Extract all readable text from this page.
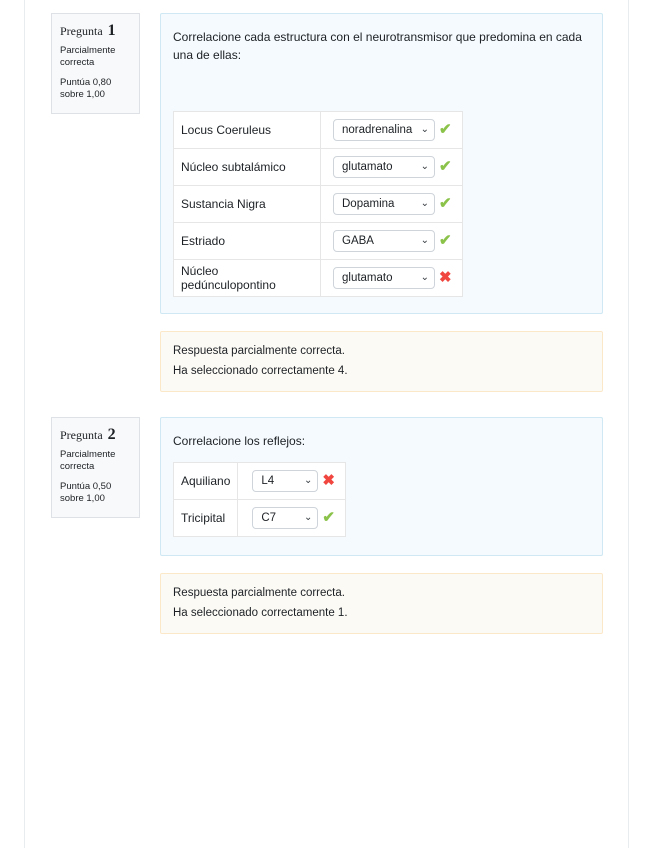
Pregunta 1
Parcialmente correcta
Puntúa 0,80 sobre 1,00
Correlacione cada estructura con el neurotransmisor que predomina en cada una de ellas:
Locus Coeruleus	noradrenalina ⌄ ✔
Núcleo subtalámico	glutamato ⌄ ✔
Sustancia Nigra	Dopamina ⌄ ✔
Estriado	GABA ⌄ ✔
Núcleo pedúnculopontino	glutamato ⌄ ✖
Respuesta parcialmente correcta.
Ha seleccionado correctamente 4.
Pregunta 2
Parcialmente correcta
Puntúa 0,50 sobre 1,00
Correlacione los reflejos:
Aquiliano	L4 ⌄ ✖
Tricipital	C7 ⌄ ✔
Respuesta parcialmente correcta.
Ha seleccionado correctamente 1.
